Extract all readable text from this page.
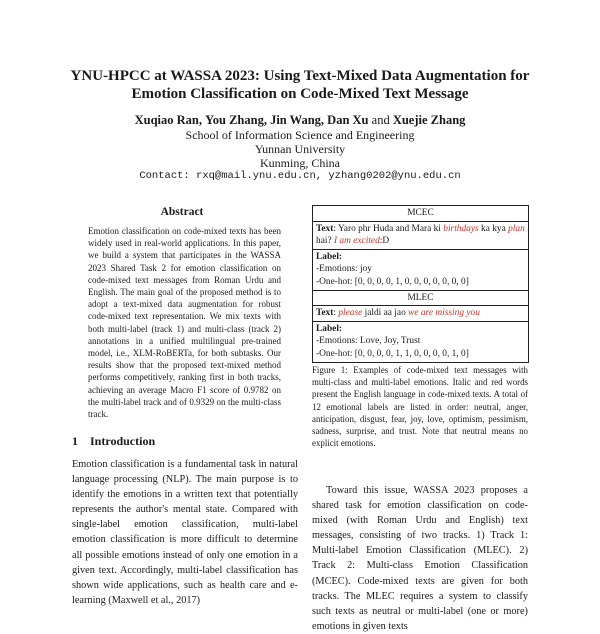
YNU-HPCC at WASSA 2023: Using Text-Mixed Data Augmentation for
Emotion Classification on Code-Mixed Text Message
Xuqiao Ran, You Zhang, Jin Wang, Dan Xu and Xuejie Zhang
School of Information Science and Engineering
Yunnan University
Kunming, China
Contact: rxq@mail.ynu.edu.cn, yzhang0202@ynu.edu.cn
Abstract
Emotion classification on code-mixed texts has been widely used in real-world applications. In this paper, we build a system that participates in the WASSA 2023 Shared Task 2 for emotion classification on code-mixed text messages from Roman Urdu and English. The main goal of the proposed method is to adopt a text-mixed data augmentation for robust code-mixed text representation. We mix texts with both multi-label (track 1) and multi-class (track 2) annotations in a unified multilingual pre-trained model, i.e., XLM-RoBERTa, for both subtasks. Our results show that the proposed text-mixed method performs competitively, ranking first in both tracks, achieving an average Macro F1 score of 0.9782 on the multi-label track and of 0.9329 on the multi-class track.
1 Introduction
Emotion classification is a fundamental task in natural language processing (NLP). The main purpose is to identify the emotions in a written text that potentially represents the author's mental state. Compared with single-label emotion classification, multi-label emotion classification is more difficult to determine all possible emotions instead of only one emotion in a given text. Accordingly, multi-label classification has shown wide applications, such as health care and e-learning (Maxwell et al., 2017)
MCEC
Text: Yaro phr Huda and Mara ki birthdays ka kya plan hai? I am excited:D
Label:
-Emotions: joy
-One-hot: [0, 0, 0, 0, 1, 0, 0, 0, 0, 0, 0, 0]
MLEC
Text: please jaldi aa jao we are missing you
Label:
-Emotions: Love, Joy, Trust
-One-hot: [0, 0, 0, 0, 1, 1, 0, 0, 0, 0, 1, 0]
Figure 1: Examples of code-mixed text messages with multi-class and multi-label emotions. Italic and red words present the English language in code-mixed texts. A total of 12 emotional labels are listed in order: neutral, anger, anticipation, disgust, fear, joy, love, optimism, pessimism, sadness, surprise, and trust. Note that neutral means no explicit emotions.
Toward this issue, WASSA 2023 proposes a shared task for emotion classification on code-mixed (with Roman Urdu and English) text messages, consisting of two tracks. 1) Track 1: Multi-label Emotion Classification (MLEC). 2) Track 2: Multi-class Emotion Classification (MCEC). Code-mixed texts are given for both tracks. The MLEC requires a system to classify such texts as neutral or multi-label (one or more) emotions in given texts
